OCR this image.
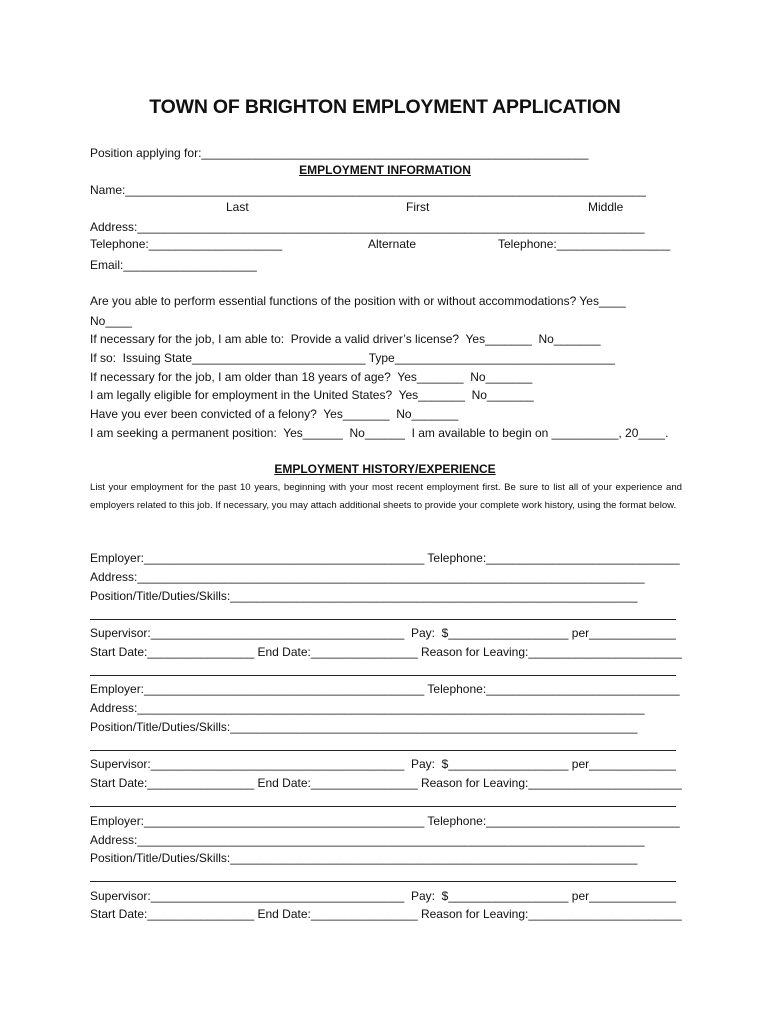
TOWN OF BRIGHTON EMPLOYMENT APPLICATION
Position applying for:__________________________________________________________
EMPLOYMENT INFORMATION
Name:______________________________________________________________________________
Last	First	Middle
Address:____________________________________________________________________________
Telephone:____________________	Alternate	Telephone:_________________
Email:____________________
Are you able to perform essential functions of the position with or without accommodations? Yes____
No____
If necessary for the job, I am able to:  Provide a valid driver’s license?  Yes_______  No_______
If so:  Issuing State__________________________ Type_________________________________
If necessary for the job, I am older than 18 years of age?  Yes_______  No_______
I am legally eligible for employment in the United States?  Yes_______  No_______
Have you ever been convicted of a felony?  Yes_______  No_______
I am seeking a permanent position:  Yes______  No______  I am available to begin on __________, 20____.
EMPLOYMENT HISTORY/EXPERIENCE
List your employment for the past 10 years, beginning with your most recent employment first. Be sure to list all of your experience and employers related to this job. If necessary, you may attach additional sheets to provide your complete work history, using the format below.
Employer:__________________________________________ Telephone:_____________________________
Address:____________________________________________________________________________
Position/Title/Duties/Skills:_____________________________________________________________
Supervisor:______________________________________  Pay:  $__________________ per_____________
Start Date:________________ End Date:________________ Reason for Leaving:_______________________
Employer:__________________________________________ Telephone:_____________________________
Address:____________________________________________________________________________
Position/Title/Duties/Skills:_____________________________________________________________
Supervisor:______________________________________  Pay:  $__________________ per_____________
Start Date:________________ End Date:________________ Reason for Leaving:_______________________
Employer:__________________________________________ Telephone:_____________________________
Address:____________________________________________________________________________
Position/Title/Duties/Skills:_____________________________________________________________
Supervisor:______________________________________  Pay:  $__________________ per_____________
Start Date:________________ End Date:________________ Reason for Leaving:_______________________
